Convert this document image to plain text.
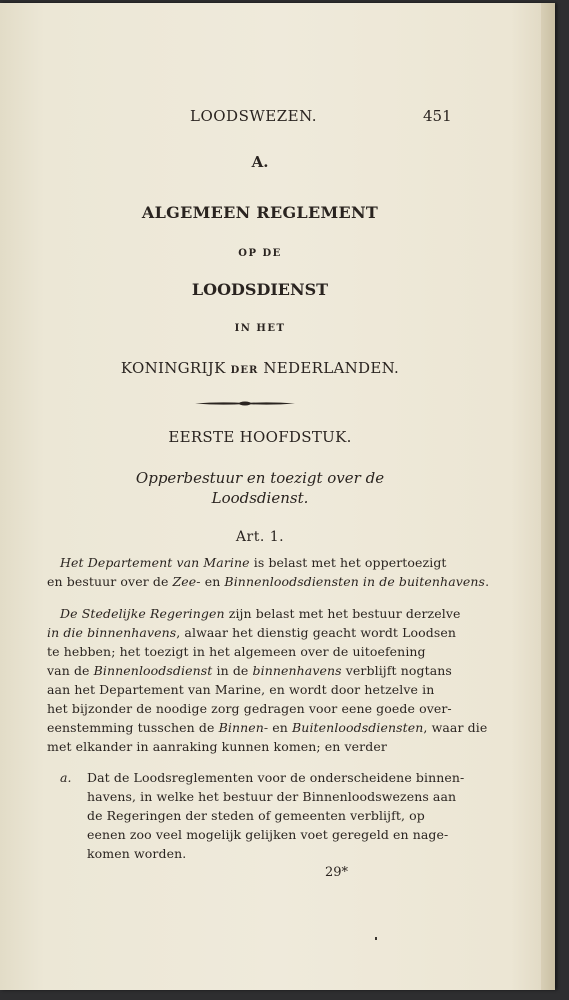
LOODSWEZEN.	451
A.
ALGEMEEN REGLEMENT
OP DE
LOODSDIENST
IN HET
KONINGRIJK DER NEDERLANDEN.
EERSTE HOOFDSTUK.
Opperbestuur en toezigt over de
Loodsdienst.
Art. 1.
Het Departement van Marine is belast met het oppertoezigt
en bestuur over de Zee- en Binnenloodsdiensten in de buitenhavens.
De Stedelijke Regeringen zijn belast met het bestuur derzelve
in die binnenhavens, alwaar het dienstig geacht wordt Loodsen
te hebben; het toezigt in het algemeen over de uitoefening
van de Binnenloodsdienst in de binnenhavens verblijft nogtans
aan het Departement van Marine, en wordt door hetzelve in
het bijzonder de noodige zorg gedragen voor eene goede over-
eenstemming tusschen de Binnen- en Buitenloodsdiensten, waar die
met elkander in aanraking kunnen komen; en verder
a.	Dat de Loodsreglementen voor de onderscheidene binnen-
havens, in welke het bestuur der Binnenloodswezens aan
de Regeringen der steden of gemeenten verblijft, op
eenen zoo veel mogelijk gelijken voet geregeld en nage-
komen worden.
29*
